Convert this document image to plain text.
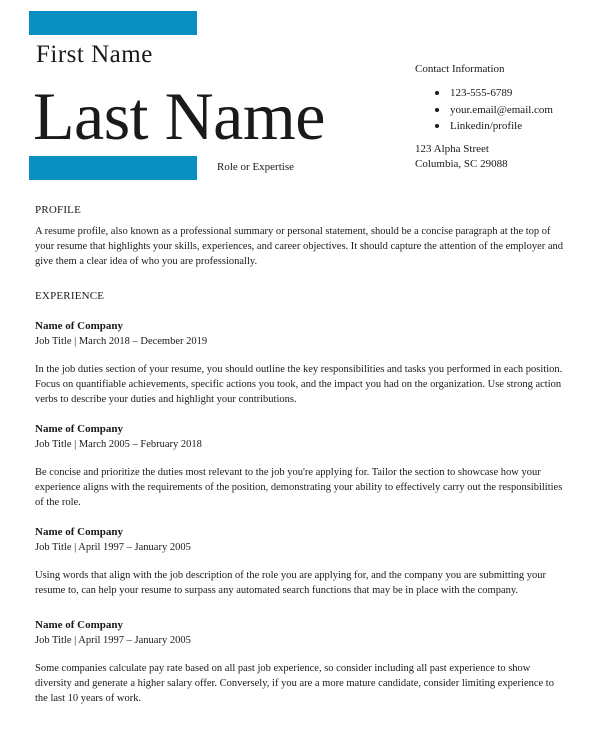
First Name
Last Name
Role or Expertise
Contact Information
123-555-6789
your.email@email.com
Linkedin/profile
123 Alpha Street
Columbia, SC 29088
PROFILE

A resume profile, also known as a professional summary or personal statement, should be a concise paragraph at the top of your resume that highlights your skills, experiences, and career objectives. It should capture the attention of the employer and give them a clear idea of who you are professionally.

EXPERIENCE
Name of Company
Job Title | March 2018 – December 2019

In the job duties section of your resume, you should outline the key responsibilities and tasks you performed in each position. Focus on quantifiable achievements, specific actions you took, and the impact you had on the organization. Use strong action verbs to describe your duties and highlight your contributions.

Name of Company
Job Title | March 2005 – February 2018

Be concise and prioritize the duties most relevant to the job you're applying for. Tailor the section to showcase how your experience aligns with the requirements of the position, demonstrating your ability to effectively carry out the responsibilities of the role.

Name of Company
Job Title | April 1997 – January 2005

Using words that align with the job description of the role you are applying for, and the company you are submitting your resume to, can help your resume to surpass any automated search functions that may be in place with the company.

Name of Company
Job Title | April 1997 – January 2005

Some companies calculate pay rate based on all past job experience, so consider including all past experience to show diversity and generate a higher salary offer. Conversely, if you are a more mature candidate, consider limiting experience to the last 10 years of work.
